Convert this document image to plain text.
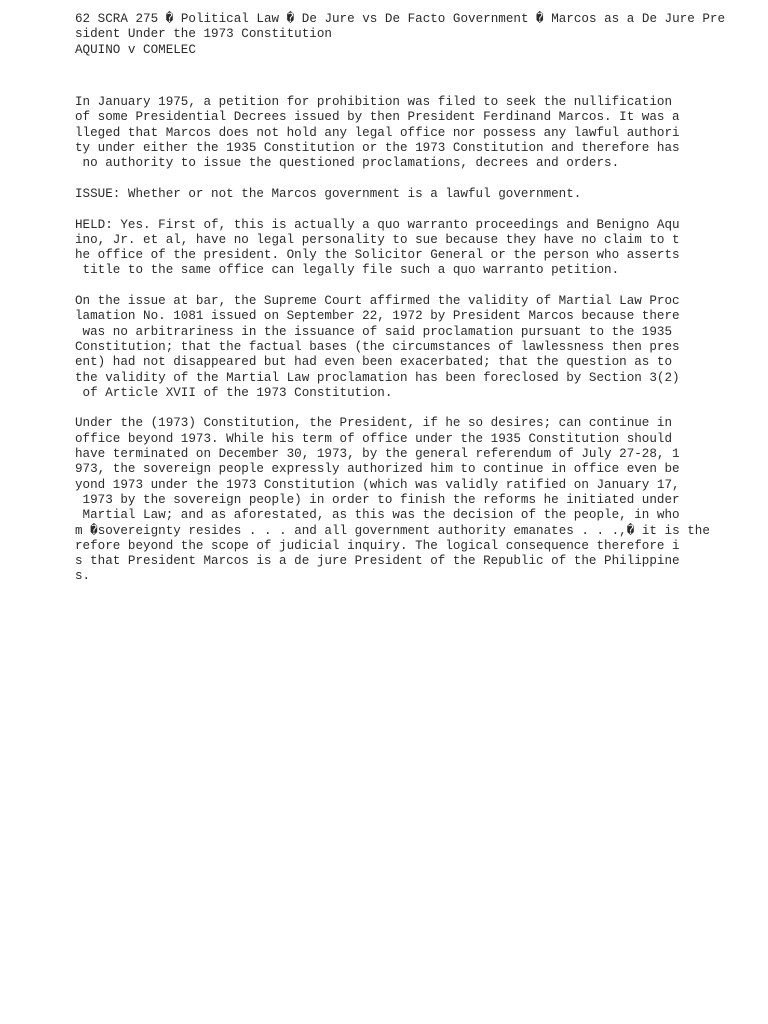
62 SCRA 275 � Political Law � De Jure vs De Facto Government � Marcos as a De Jure Pre
sident Under the 1973 Constitution
AQUINO v COMELEC
In January 1975, a petition for prohibition was filed to seek the nullification
of some Presidential Decrees issued by then President Ferdinand Marcos. It was a
lleged that Marcos does not hold any legal office nor possess any lawful authori
ty under either the 1935 Constitution or the 1973 Constitution and therefore has
no authority to issue the questioned proclamations, decrees and orders.
ISSUE: Whether or not the Marcos government is a lawful government.
HELD: Yes. First of, this is actually a quo warranto proceedings and Benigno Aqu
ino, Jr. et al, have no legal personality to sue because they have no claim to t
he office of the president. Only the Solicitor General or the person who asserts
title to the same office can legally file such a quo warranto petition.
On the issue at bar, the Supreme Court affirmed the validity of Martial Law Proc
lamation No. 1081 issued on September 22, 1972 by President Marcos because there
was no arbitrariness in the issuance of said proclamation pursuant to the 1935
Constitution; that the factual bases (the circumstances of lawlessness then pres
ent) had not disappeared but had even been exacerbated; that the question as to
the validity of the Martial Law proclamation has been foreclosed by Section 3(2)
of Article XVII of the 1973 Constitution.
Under the (1973) Constitution, the President, if he so desires; can continue in
office beyond 1973. While his term of office under the 1935 Constitution should
have terminated on December 30, 1973, by the general referendum of July 27-28, 1
973, the sovereign people expressly authorized him to continue in office even be
yond 1973 under the 1973 Constitution (which was validly ratified on January 17,
1973 by the sovereign people) in order to finish the reforms he initiated under
Martial Law; and as aforestated, as this was the decision of the people, in who
m �sovereignty resides . . . and all government authority emanates . . .,� it is the
refore beyond the scope of judicial inquiry. The logical consequence therefore i
s that President Marcos is a de jure President of the Republic of the Philippine
s.
